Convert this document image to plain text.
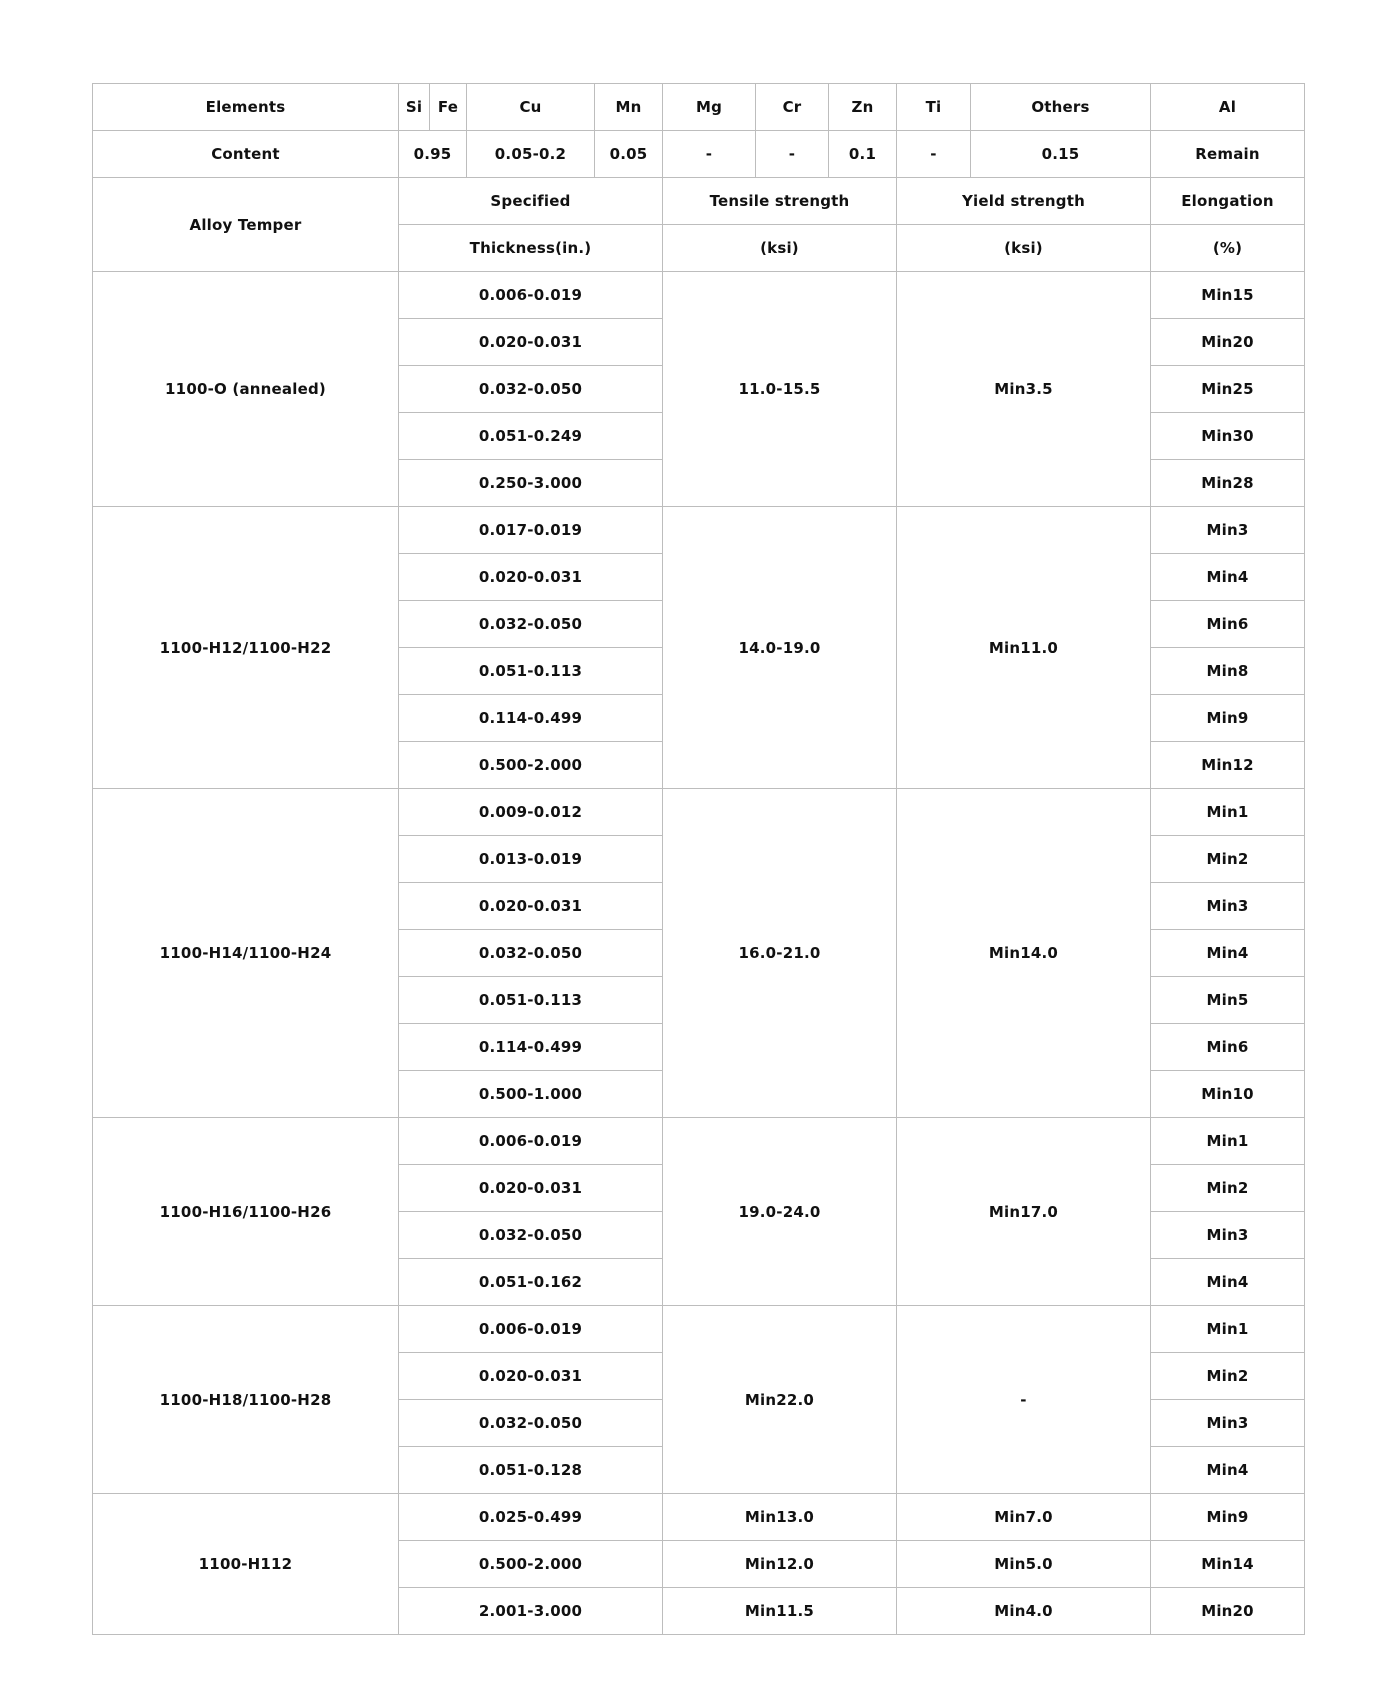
Elements	Si	Fe	Cu	Mn	Mg	Cr	Zn	Ti	Others	Al
Content	0.95		0.05-0.2	0.05	-	-	0.1	-	0.15	Remain
Alloy Temper	Specified				Tensile strength			Yield strength		Elongation
	Thickness(in.)				(ksi)			(ksi)		(%)
1100-O (annealed)	0.006-0.019				11.0-15.5			Min3.5		Min15
	0.020-0.031									Min20
	0.032-0.050									Min25
	0.051-0.249									Min30
	0.250-3.000									Min28
1100-H12/1100-H22	0.017-0.019				14.0-19.0			Min11.0		Min3
	0.020-0.031									Min4
	0.032-0.050									Min6
	0.051-0.113									Min8
	0.114-0.499									Min9
	0.500-2.000									Min12
1100-H14/1100-H24	0.009-0.012				16.0-21.0			Min14.0		Min1
	0.013-0.019									Min2
	0.020-0.031									Min3
	0.032-0.050									Min4
	0.051-0.113									Min5
	0.114-0.499									Min6
	0.500-1.000									Min10
1100-H16/1100-H26	0.006-0.019				19.0-24.0			Min17.0		Min1
	0.020-0.031									Min2
	0.032-0.050									Min3
	0.051-0.162									Min4
1100-H18/1100-H28	0.006-0.019				Min22.0			-		Min1
	0.020-0.031									Min2
	0.032-0.050									Min3
	0.051-0.128									Min4
1100-H112	0.025-0.499				Min13.0			Min7.0		Min9
	0.500-2.000				Min12.0			Min5.0		Min14
	2.001-3.000				Min11.5			Min4.0		Min20
